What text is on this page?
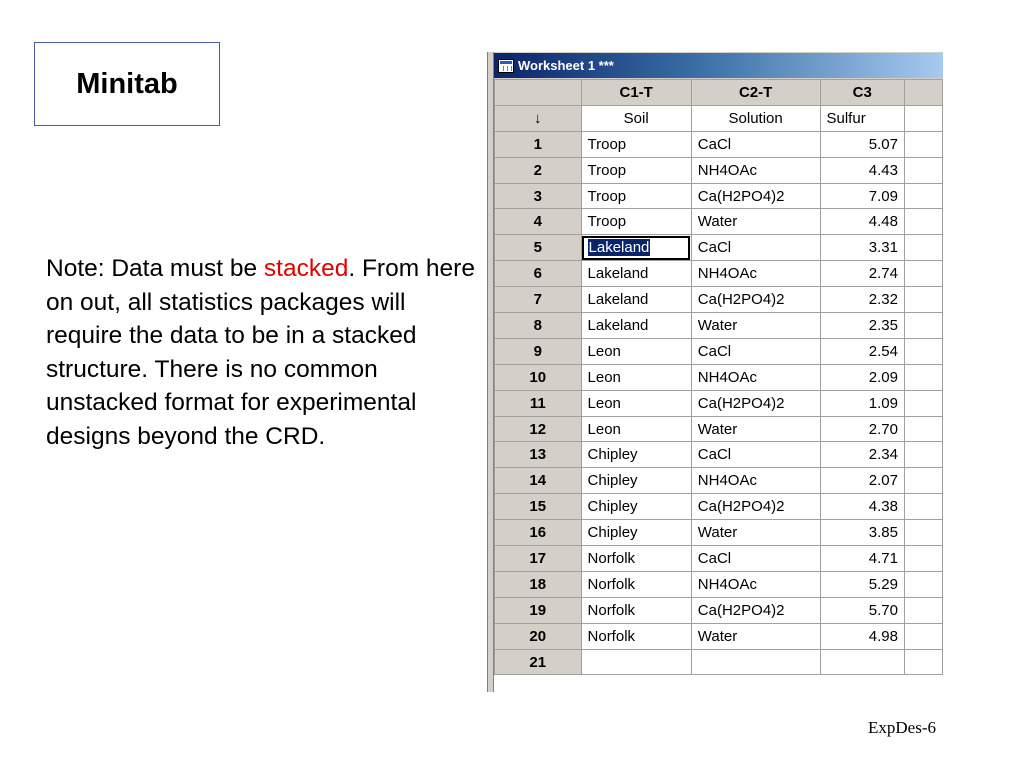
Minitab
Note: Data must be stacked. From here on out, all statistics packages will require the data to be in a stacked structure. There is no common unstacked format for experimental designs beyond the CRD.
Worksheet 1 ***
	C1-T	C2-T	C3	
↓	Soil	Solution	Sulfur	
1	Troop	CaCl	5.07	
2	Troop	NH4OAc	4.43	
3	Troop	Ca(H2PO4)2	7.09	
4	Troop	Water	4.48	
5	Lakeland	CaCl	3.31	
6	Lakeland	NH4OAc	2.74	
7	Lakeland	Ca(H2PO4)2	2.32	
8	Lakeland	Water	2.35	
9	Leon	CaCl	2.54	
10	Leon	NH4OAc	2.09	
11	Leon	Ca(H2PO4)2	1.09	
12	Leon	Water	2.70	
13	Chipley	CaCl	2.34	
14	Chipley	NH4OAc	2.07	
15	Chipley	Ca(H2PO4)2	4.38	
16	Chipley	Water	3.85	
17	Norfolk	CaCl	4.71	
18	Norfolk	NH4OAc	5.29	
19	Norfolk	Ca(H2PO4)2	5.70	
20	Norfolk	Water	4.98	
21				
ExpDes-6
